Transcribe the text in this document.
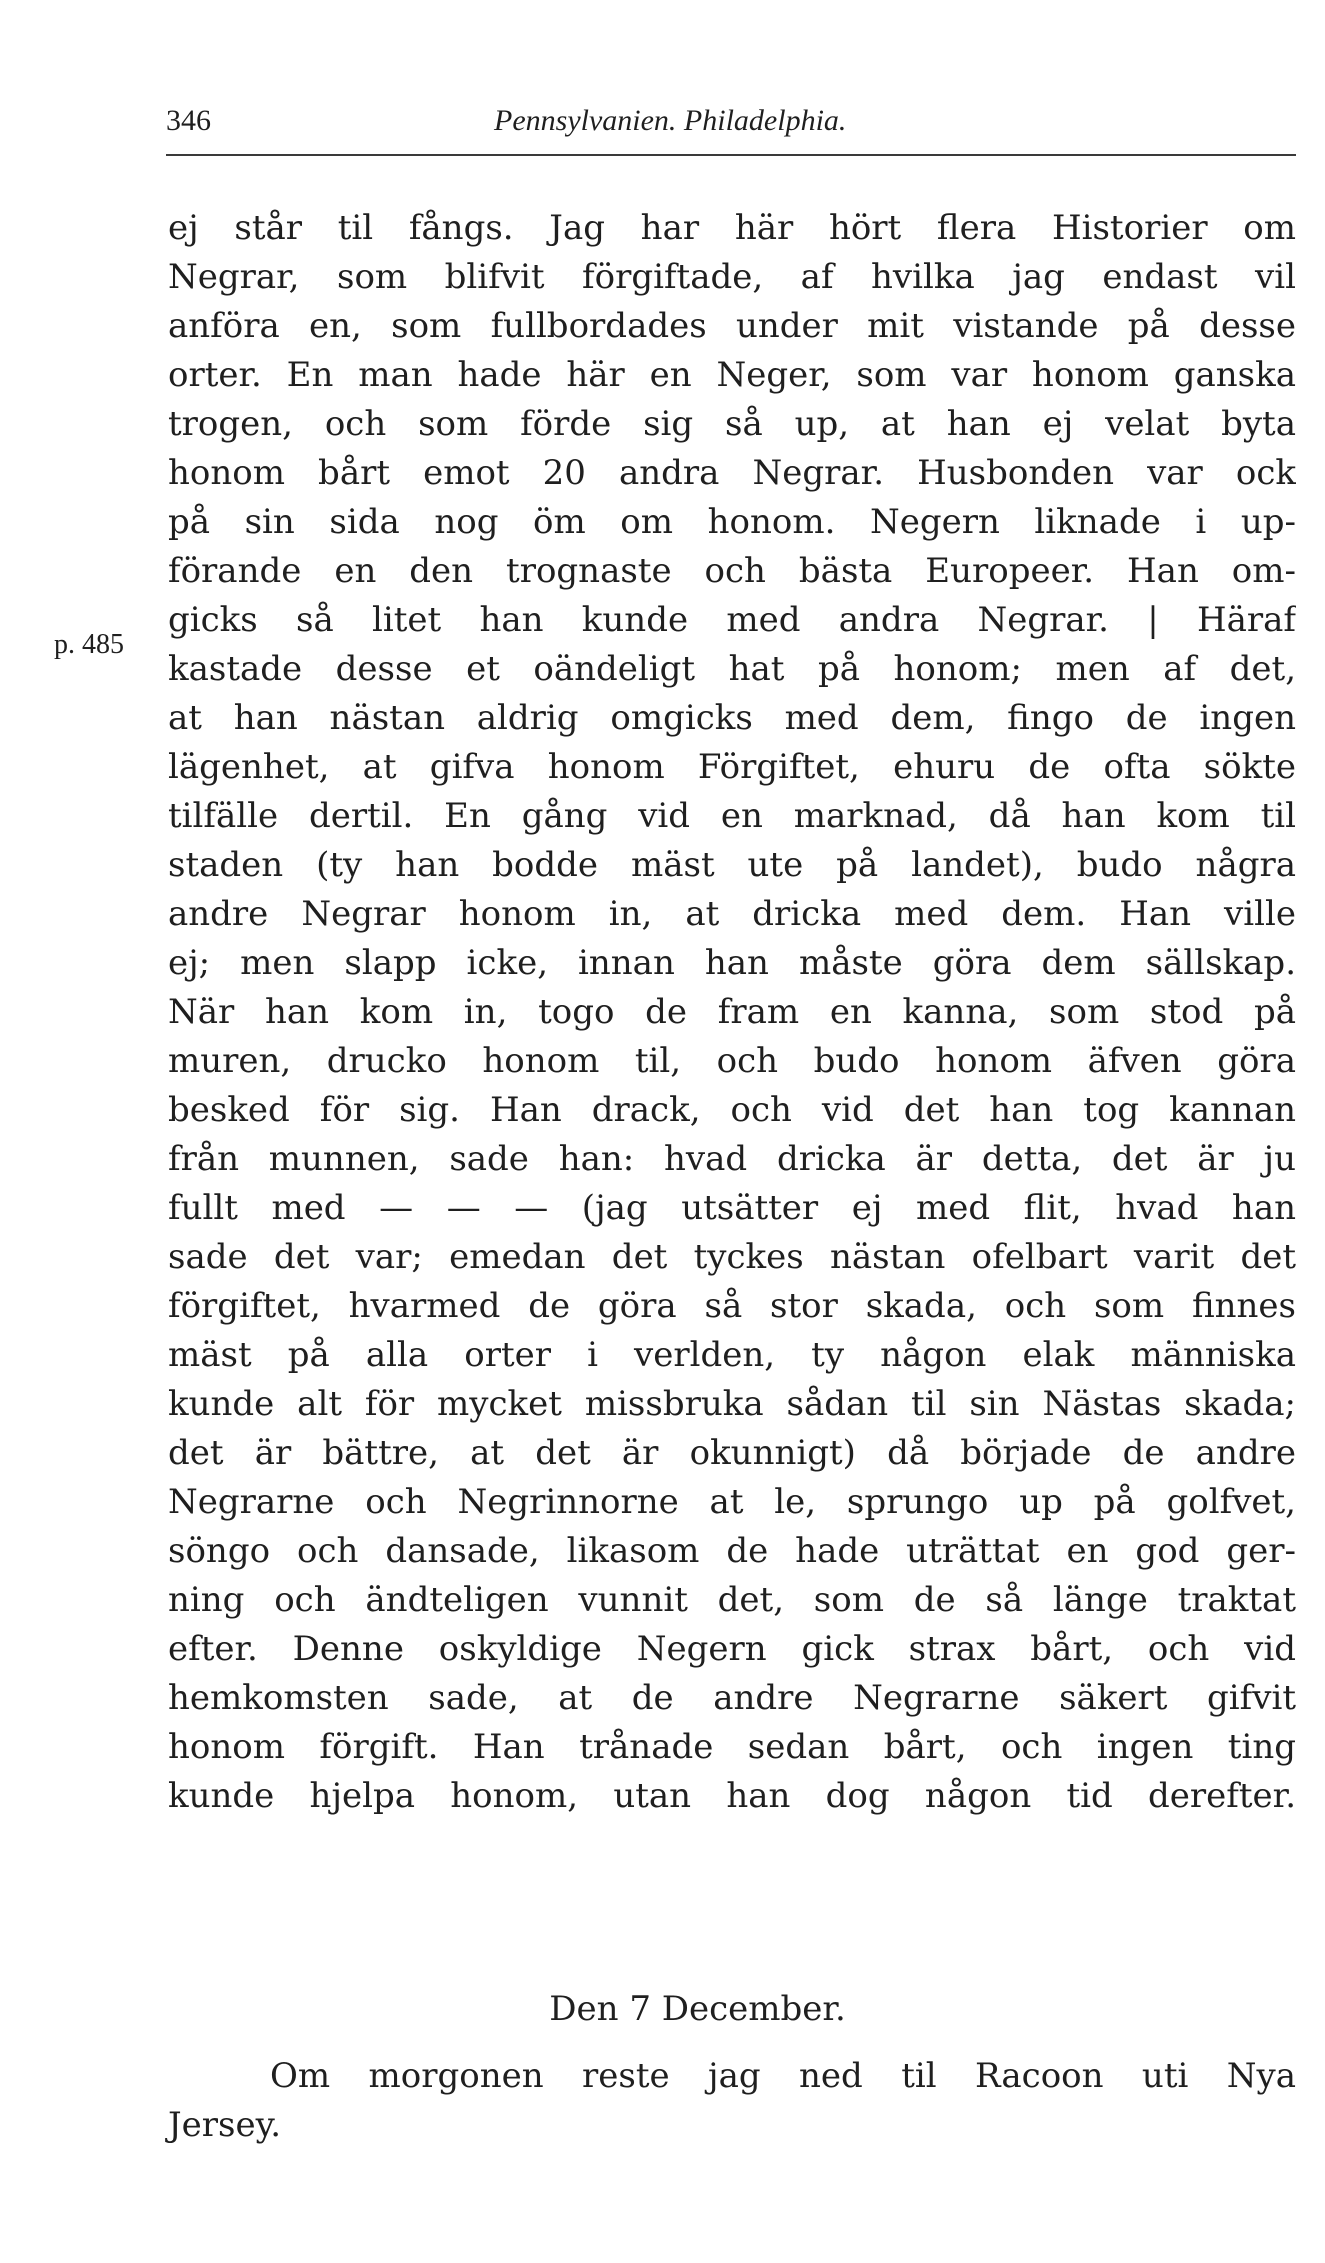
346	Pennsylvanien. Philadelphia.
p. 485
ej står til fångs. Jag har här hört flera Historier om
Negrar, som blifvit förgiftade, af hvilka jag endast vil
anföra en, som fullbordades under mit vistande på desse
orter. En man hade här en Neger, som var honom ganska
trogen, och som förde sig så up, at han ej velat byta
honom bårt emot 20 andra Negrar. Husbonden var ock
på sin sida nog öm om honom. Negern liknade i up-
förande en den trognaste och bästa Europeer. Han om-
gicks så litet han kunde med andra Negrar. | Häraf
kastade desse et oändeligt hat på honom; men af det,
at han nästan aldrig omgicks med dem, fingo de ingen
lägenhet, at gifva honom Förgiftet, ehuru de ofta sökte
tilfälle dertil. En gång vid en marknad, då han kom til
staden (ty han bodde mäst ute på landet), budo några
andre Negrar honom in, at dricka med dem. Han ville
ej; men slapp icke, innan han måste göra dem sällskap.
När han kom in, togo de fram en kanna, som stod på
muren, drucko honom til, och budo honom äfven göra
besked för sig. Han drack, och vid det han tog kannan
från munnen, sade han: hvad dricka är detta, det är ju
fullt med — — — (jag utsätter ej med flit, hvad han
sade det var; emedan det tyckes nästan ofelbart varit det
förgiftet, hvarmed de göra så stor skada, och som finnes
mäst på alla orter i verlden, ty någon elak människa
kunde alt för mycket missbruka sådan til sin Nästas skada;
det är bättre, at det är okunnigt) då började de andre
Negrarne och Negrinnorne at le, sprungo up på golfvet,
söngo och dansade, likasom de hade uträttat en god ger-
ning och ändteligen vunnit det, som de så länge traktat
efter. Denne oskyldige Negern gick strax bårt, och vid
hemkomsten sade, at de andre Negrarne säkert gifvit
honom förgift. Han trånade sedan bårt, och ingen ting
kunde hjelpa honom, utan han dog någon tid derefter.
Den 7 December.
Om morgonen reste jag ned til Racoon uti Nya
Jersey.
